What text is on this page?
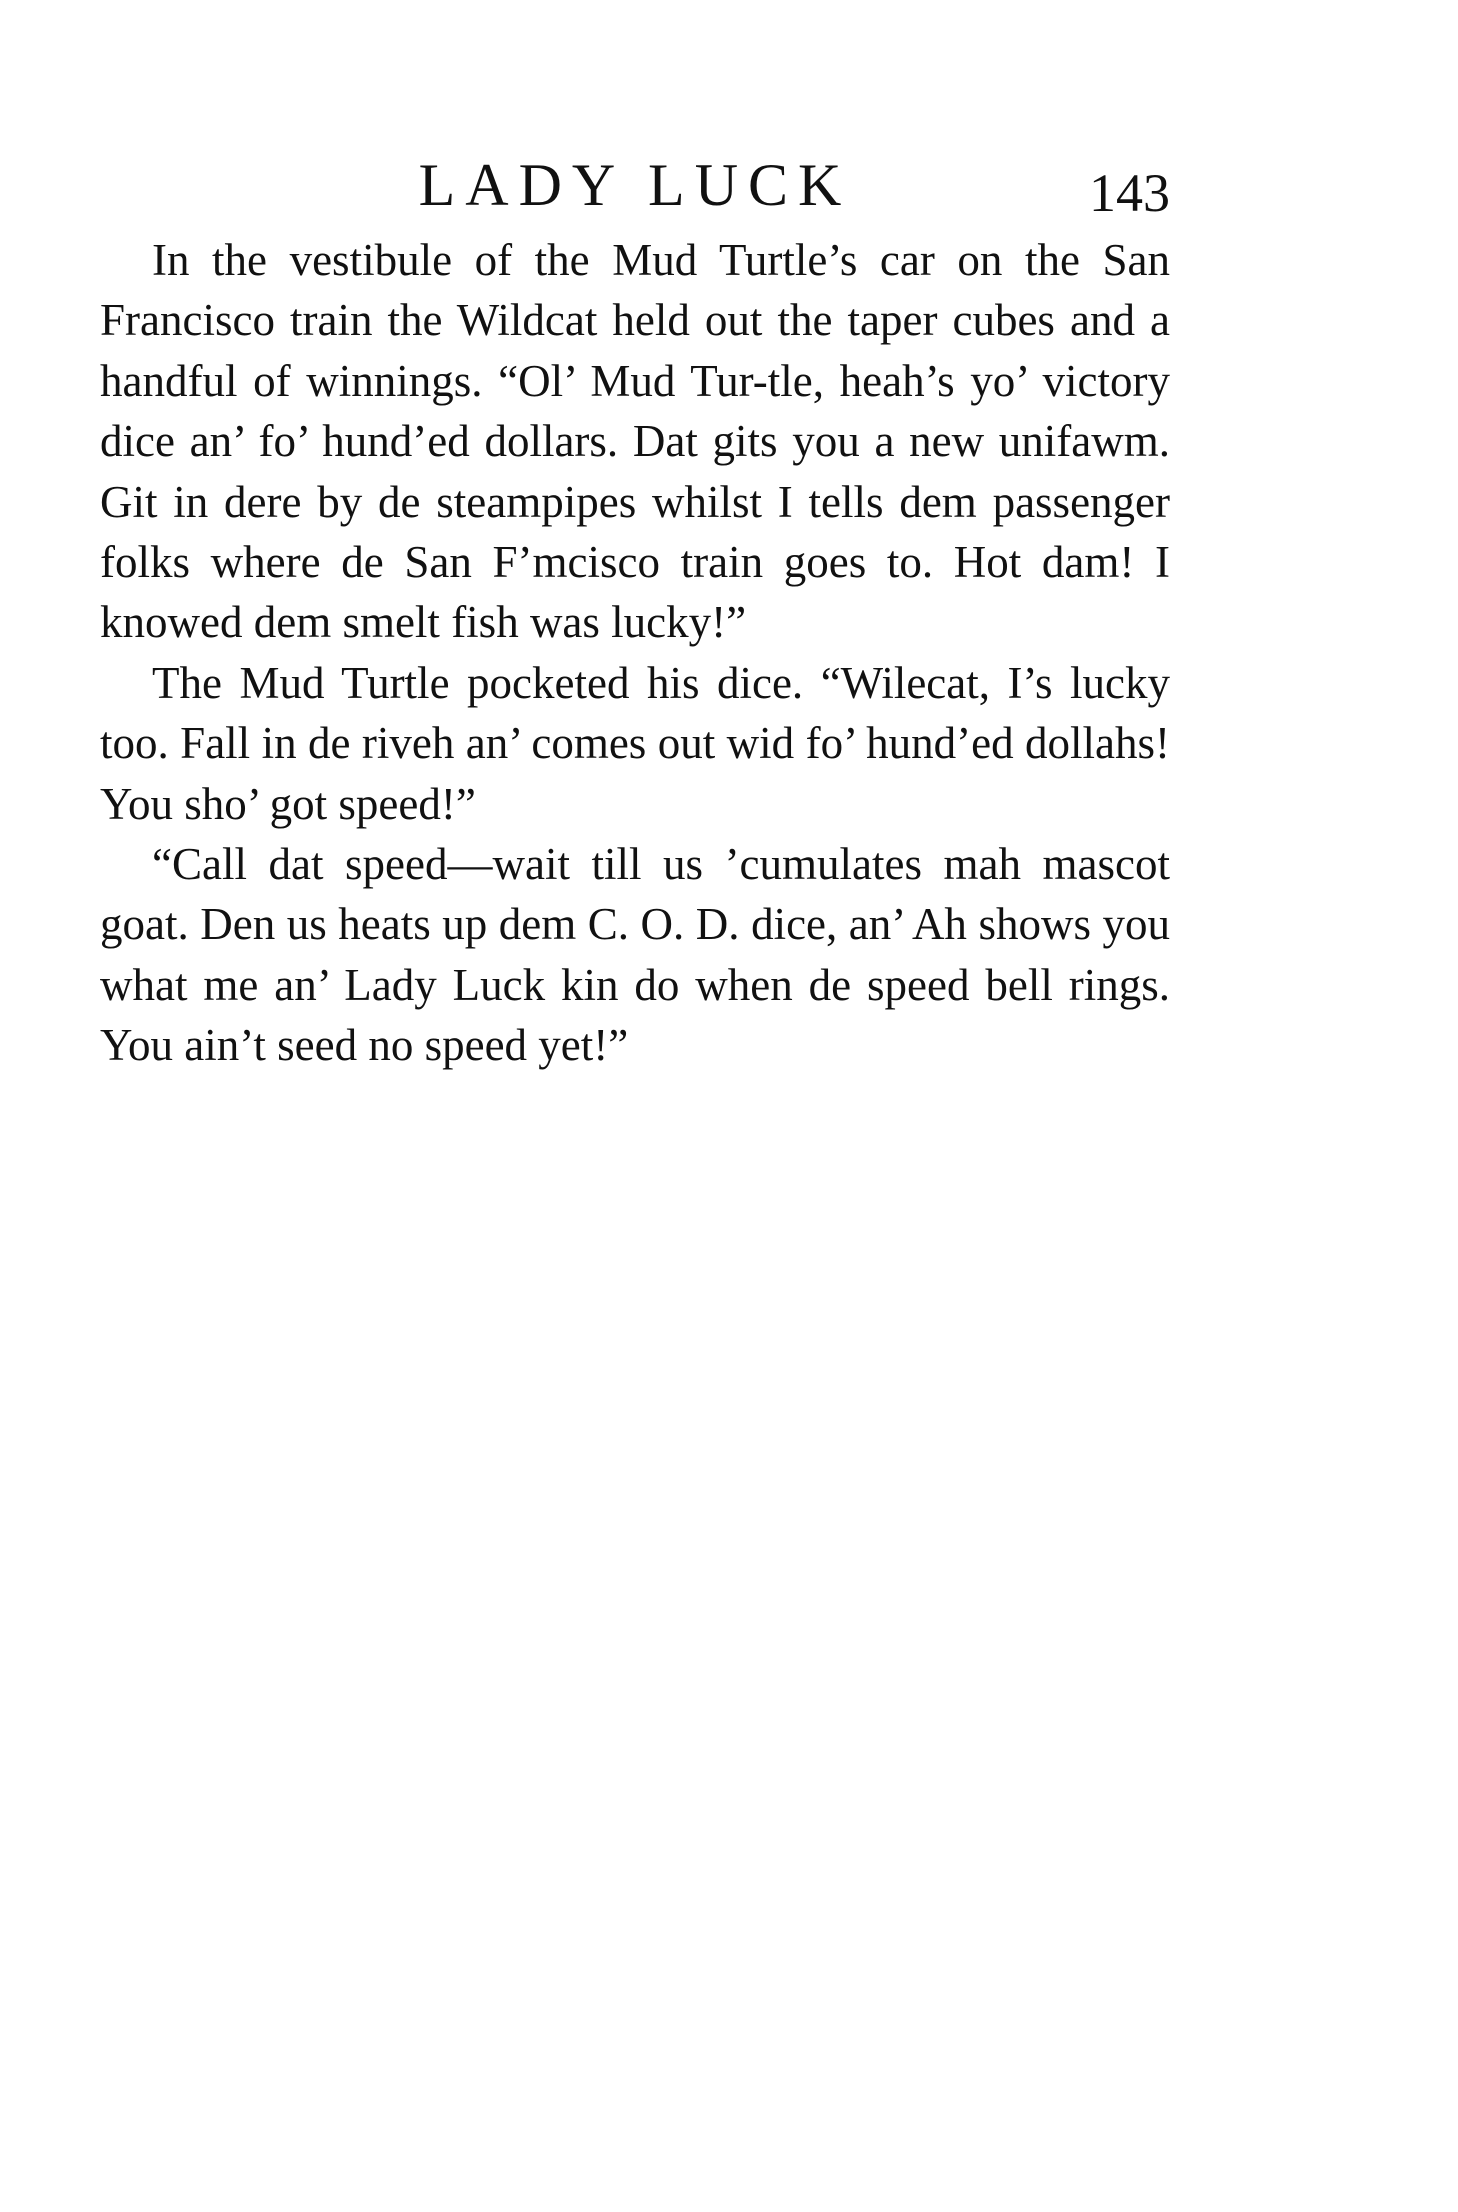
LADY LUCK	143

In the vestibule of the Mud Turtle’s car on the San Francisco train the Wildcat held out the taper cubes and a handful of winnings. “Ol’ Mud Tur-tle, heah’s yo’ victory dice an’ fo’ hund’ed dollars. Dat gits you a new unifawm. Git in dere by de steampipes whilst I tells dem passenger folks where de San F’mcisco train goes to. Hot dam! I knowed dem smelt fish was lucky!”

The Mud Turtle pocketed his dice. “Wilecat, I’s lucky too. Fall in de riveh an’ comes out wid fo’ hund’ed dollahs! You sho’ got speed!”

“Call dat speed—wait till us ’cumulates mah mascot goat. Den us heats up dem C. O. D. dice, an’ Ah shows you what me an’ Lady Luck kin do when de speed bell rings. You ain’t seed no speed yet!”
